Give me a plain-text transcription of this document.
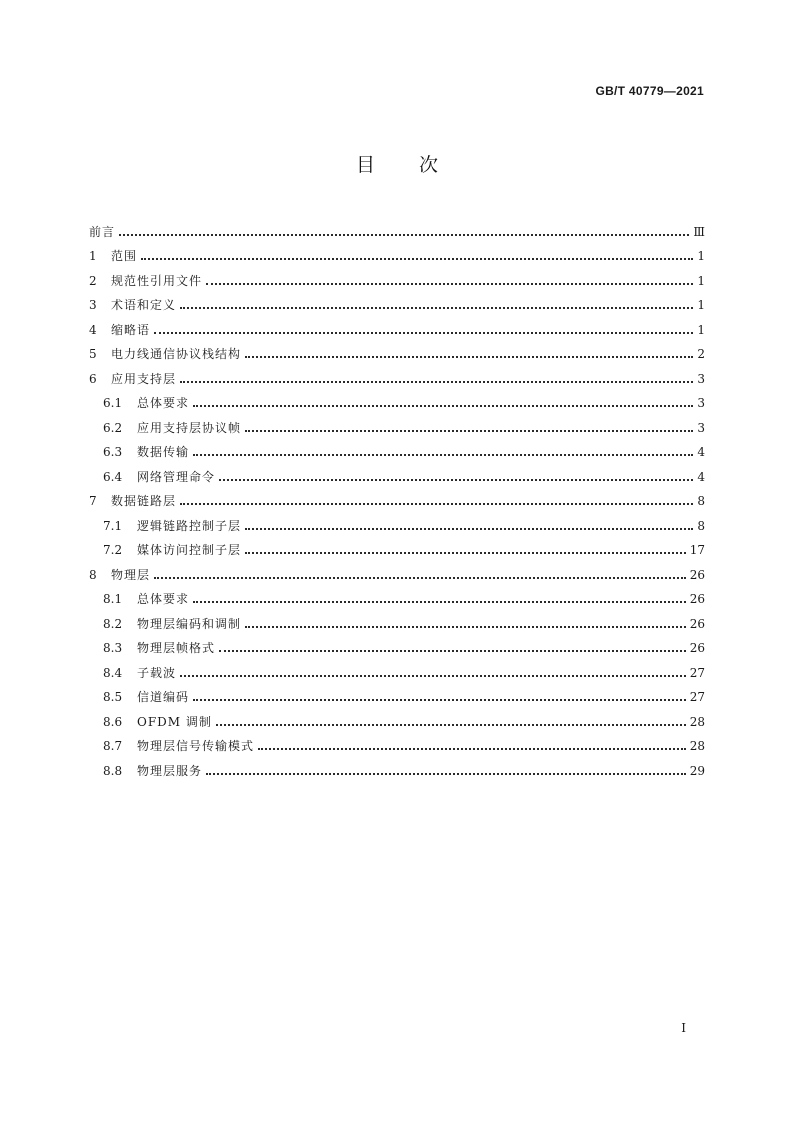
GB/T 40779—2021
目次
前言	Ⅲ
1	范围	1
2	规范性引用文件	1
3	术语和定义	1
4	缩略语	1
5	电力线通信协议栈结构	2
6	应用支持层	3
6.1	总体要求	3
6.2	应用支持层协议帧	3
6.3	数据传输	4
6.4	网络管理命令	4
7	数据链路层	8
7.1	逻辑链路控制子层	8
7.2	媒体访问控制子层	17
8	物理层	26
8.1	总体要求	26
8.2	物理层编码和调制	26
8.3	物理层帧格式	26
8.4	子载波	27
8.5	信道编码	27
8.6	OFDM 调制	28
8.7	物理层信号传输模式	28
8.8	物理层服务	29
I
